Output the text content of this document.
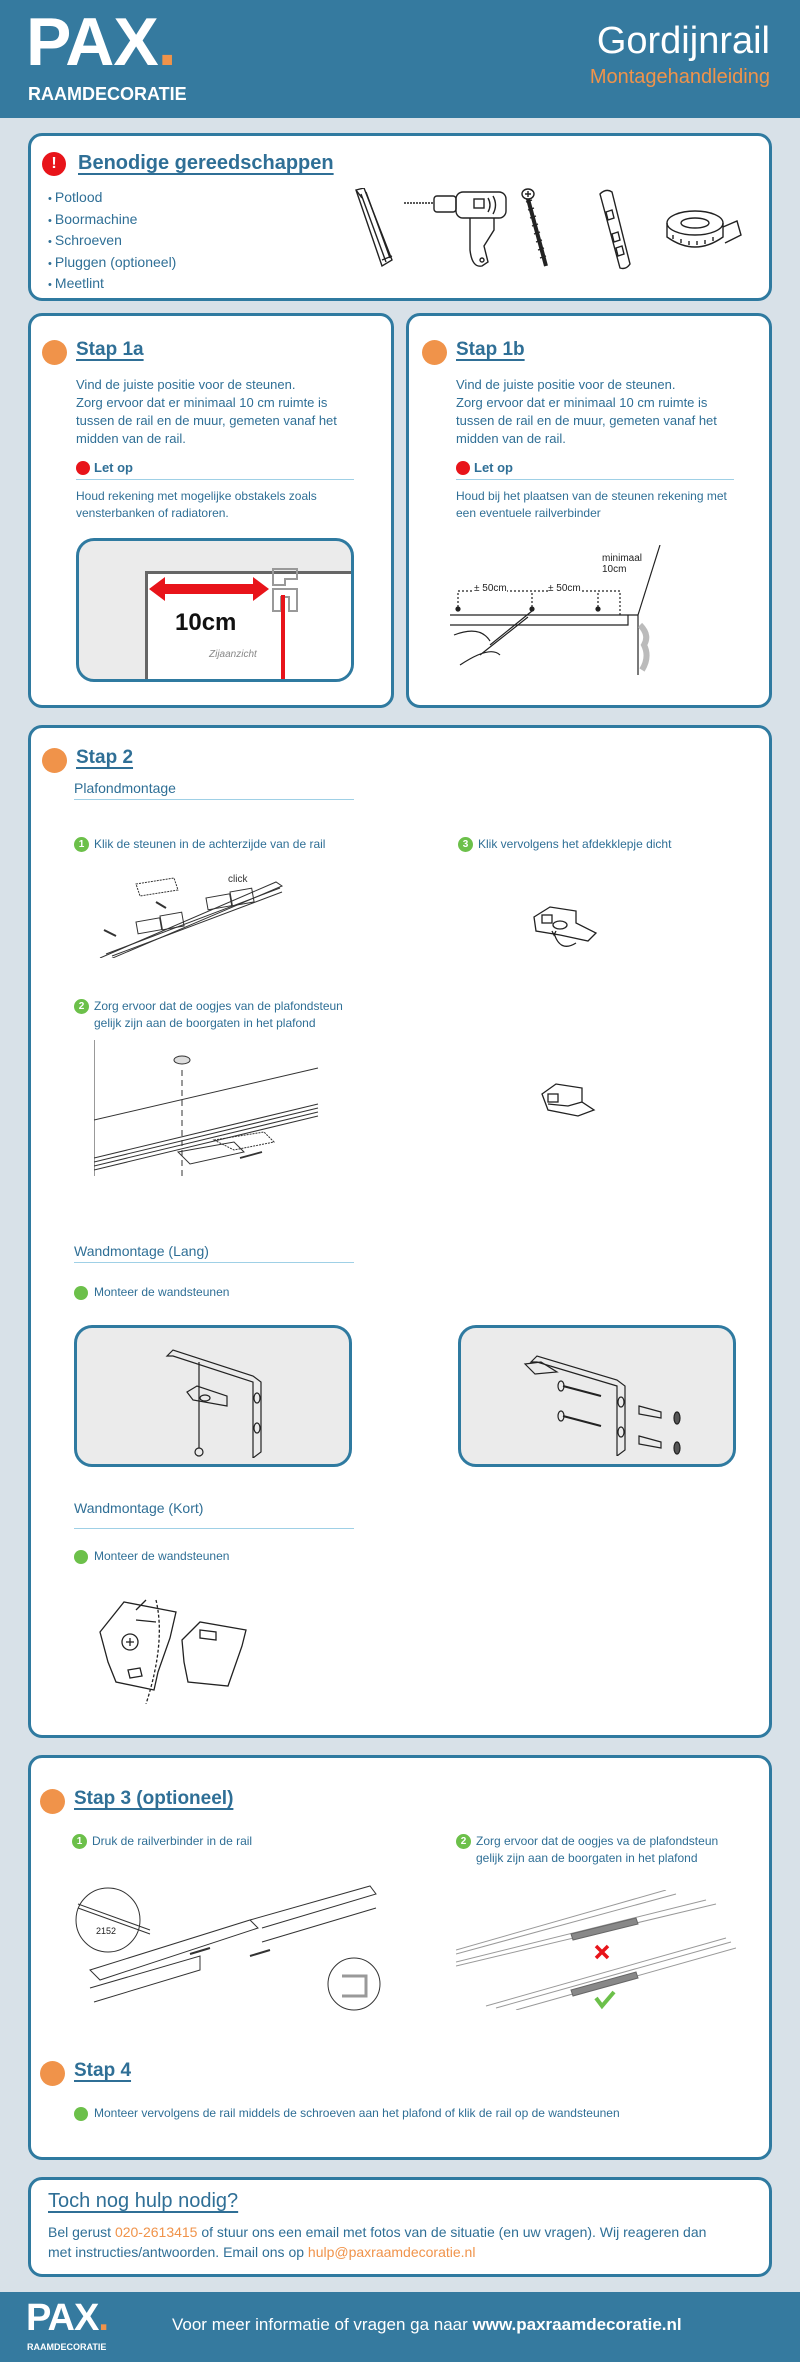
PAX.
RAAMDECORATIE
Gordijnrail
Montagehandleiding
!	Benodige gereedschappen
• Potlood
• Boormachine
• Schroeven
• Pluggen (optioneel)
• Meetlint
Stap 1a
Vind de juiste positie voor de steunen.
Zorg ervoor dat er minimaal 10 cm ruimte is
tussen de rail en de muur, gemeten vanaf het
midden van de rail.
Let op
Houd rekening met mogelijke obstakels zoals
vensterbanken of radiatoren.
10cm
Zijaanzicht
Stap 1b
Vind de juiste positie voor de steunen.
Zorg ervoor dat er minimaal 10 cm ruimte is
tussen de rail en de muur, gemeten vanaf het
midden van de rail.
Let op
Houd bij het plaatsen van de steunen rekening met
een eventuele railverbinder
± 50cm	± 50cm
minimaal
10cm
Stap 2
Plafondmontage
1 Klik de steunen in de achterzijde van de rail
click
3 Klik vervolgens het afdekklepje dicht
2 Zorg ervoor dat de oogjes van de plafondsteun
gelijk zijn aan de boorgaten in het plafond
Wandmontage (Lang)
Monteer de wandsteunen
Wandmontage (Kort)
Monteer de wandsteunen
Stap 3 (optioneel)
1 Druk de railverbinder in de rail
2152
2 Zorg ervoor dat de oogjes va de plafondsteun
gelijk zijn aan de boorgaten in het plafond
Stap 4
Monteer vervolgens de rail middels de schroeven aan het plafond of klik de rail op de wandsteunen
Toch nog hulp nodig?
Bel gerust 020-2613415 of stuur ons een email met fotos van de situatie (en uw vragen). Wij reageren dan
met instructies/antwoorden. Email ons op hulp@paxraamdecoratie.nl
PAX.
RAAMDECORATIE
Voor meer informatie of vragen ga naar www.paxraamdecoratie.nl
